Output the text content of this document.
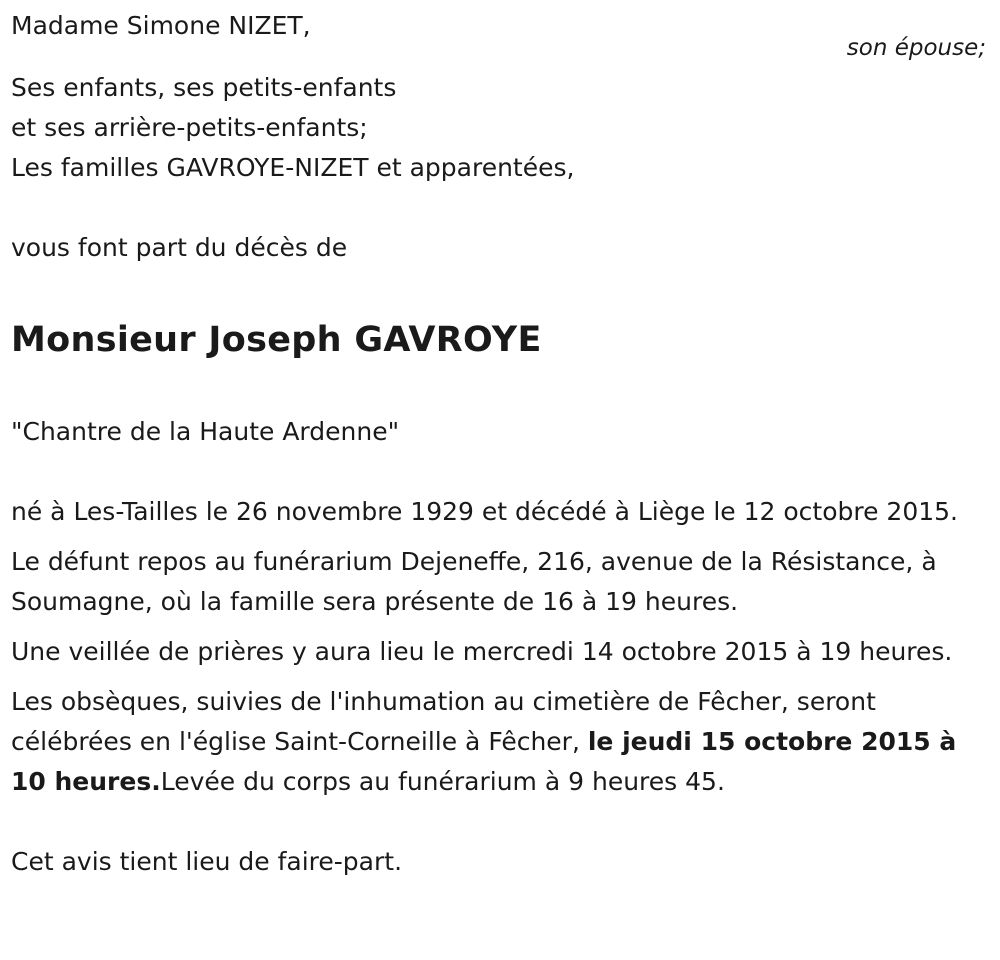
Madame Simone NIZET,
son épouse;
Ses enfants, ses petits-enfants
et ses arrière-petits-enfants;
Les familles GAVROYE-NIZET et apparentées,
vous font part du décès de
Monsieur Joseph GAVROYE
"Chantre de la Haute Ardenne"

né à Les-Tailles le 26 novembre 1929 et décédé à Liège le 12 octobre 2015.

Le défunt repos au funérarium Dejeneffe, 216, avenue de la Résistance, à Soumagne, où la famille sera présente de 16 à 19 heures.

Une veillée de prières y aura lieu le mercredi 14 octobre 2015 à 19 heures.

Les obsèques, suivies de l'inhumation au cimetière de Fêcher, seront célébrées en l'église Saint-Corneille à Fêcher, le jeudi 15 octobre 2015 à 10 heures.Levée du corps au funérarium à 9 heures 45.

Cet avis tient lieu de faire-part.
